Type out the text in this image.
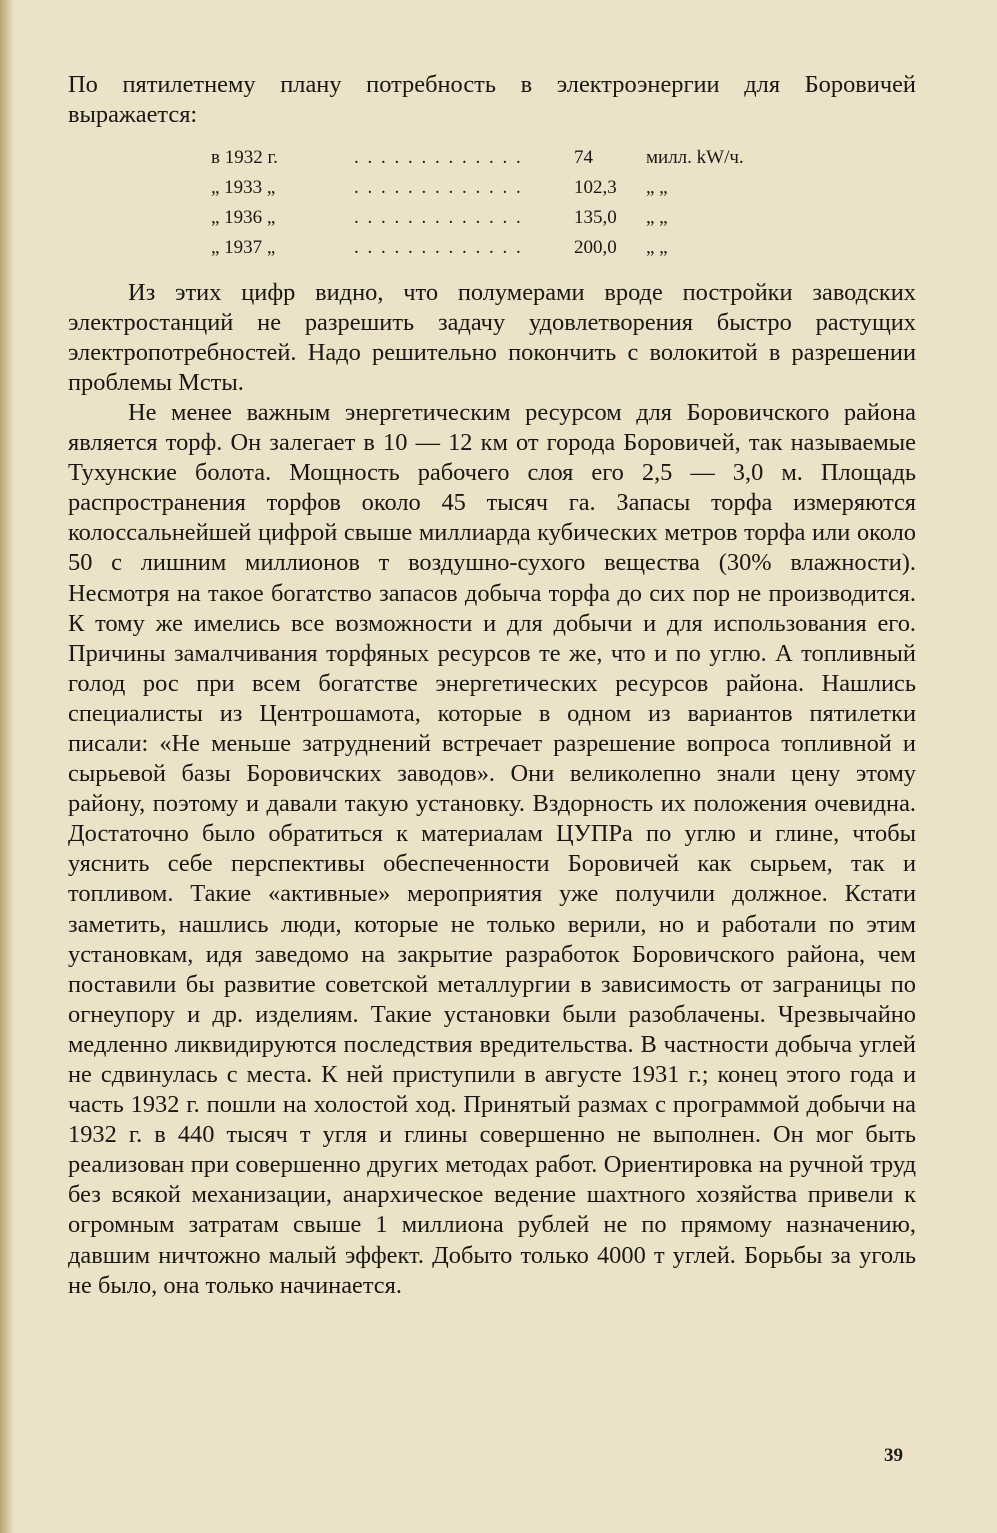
По пятилетнему плану потребность в электроэнергии для Боровичей выражается:

в 1932 г.	. . . . . . . . . . . . .	74	милл. kW/ч.
„ 1933 „	. . . . . . . . . . . . .	102,3	„ „
„ 1936 „	. . . . . . . . . . . . .	135,0	„ „
„ 1937 „	. . . . . . . . . . . . .	200,0	„ „

Из этих цифр видно, что полумерами вроде постройки заводских электростанций не разрешить задачу удовлетворения быстро растущих электропотребностей. Надо решительно покончить с волокитой в разрешении проблемы Мсты.

Не менее важным энергетическим ресурсом для Боровичского района является торф. Он залегает в 10 — 12 км от города Боровичей, так называемые Тухунские болота. Мощность рабочего слоя его 2,5 — 3,0 м. Площадь распространения торфов около 45 тысяч га. Запасы торфа измеряются колоссальнейшей цифрой свыше миллиарда кубических метров торфа или около 50 с лишним миллионов т воздушно-сухого вещества (30% влажности). Несмотря на такое богатство запасов добыча торфа до сих пор не производится. К тому же имелись все возможности и для добычи и для использования его. Причины замалчивания торфяных ресурсов те же, что и по углю. А топливный голод рос при всем богатстве энергетических ресурсов района. Нашлись специалисты из Центрошамота, которые в одном из вариантов пятилетки писали: «Не меньше затруднений встречает разрешение вопроса топливной и сырьевой базы Боровичских заводов». Они великолепно знали цену этому району, поэтому и давали такую установку. Вздорность их положения очевидна. Достаточно было обратиться к материалам ЦУПРа по углю и глине, чтобы уяснить себе перспективы обеспеченности Боровичей как сырьем, так и топливом. Такие «активные» мероприятия уже получили должное. Кстати заметить, нашлись люди, которые не только верили, но и работали по этим установкам, идя заведомо на закрытие разработок Боровичского района, чем поставили бы развитие советской металлургии в зависимость от заграницы по огнеупору и др. изделиям. Такие установки были разоблачены. Чрезвычайно медленно ликвидируются последствия вредительства. В частности добыча углей не сдвинулась с места. К ней приступили в августе 1931 г.; конец этого года и часть 1932 г. пошли на холостой ход. Принятый размах с программой добычи на 1932 г. в 440 тысяч т угля и глины совершенно не выполнен. Он мог быть реализован при совершенно других методах работ. Ориентировка на ручной труд без всякой механизации, анархическое ведение шахтного хозяйства привели к огромным затратам свыше 1 миллиона рублей не по прямому назначению, давшим ничтожно малый эффект. Добыто только 4000 т углей. Борьбы за уголь не было, она только начинается.

39
